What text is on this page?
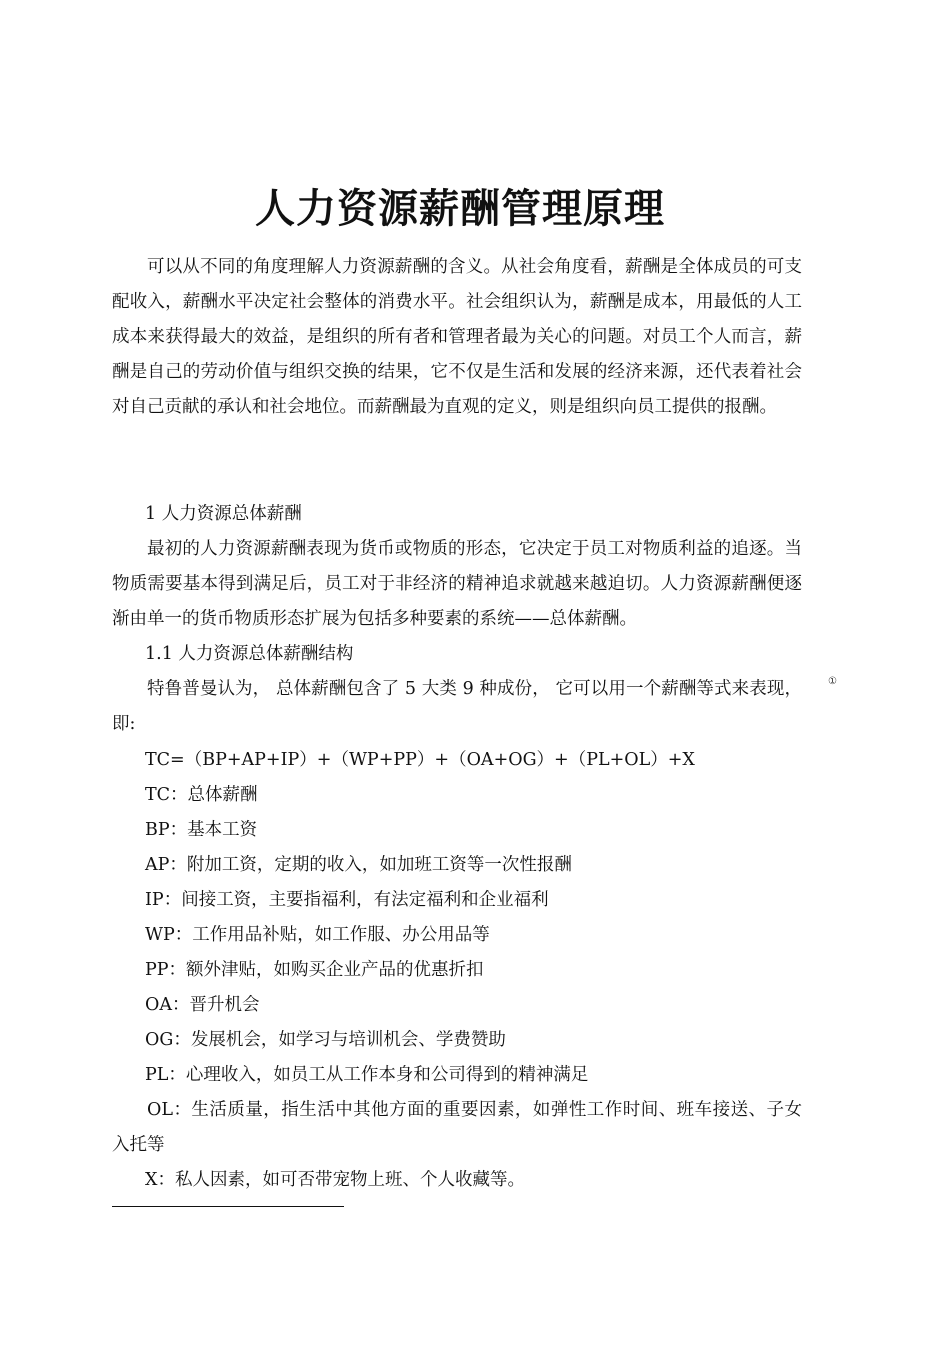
人力资源薪酬管理原理

可以从不同的角度理解人力资源薪酬的含义。从社会角度看，薪酬是全体成员的可支配收入，薪酬水平决定社会整体的消费水平。社会组织认为，薪酬是成本，用最低的人工成本来获得最大的效益，是组织的所有者和管理者最为关心的问题。对员工个人而言，薪酬是自己的劳动价值与组织交换的结果，它不仅是生活和发展的经济来源，还代表着社会对自己贡献的承认和社会地位。而薪酬最为直观的定义，则是组织向员工提供的报酬。

1 人力资源总体薪酬

最初的人力资源薪酬表现为货币或物质的形态，它决定于员工对物质利益的追逐。当物质需要基本得到满足后，员工对于非经济的精神追求就越来越迫切。人力资源薪酬便逐渐由单一的货币物质形态扩展为包括多种要素的系统——总体薪酬。

1.1 人力资源总体薪酬结构

特鲁普曼认为， 总体薪酬包含了 5 大类 9 种成份， 它可以用一个薪酬等式来表现，即:

①

TC=（BP+AP+IP）+（WP+PP）+（OA+OG）+（PL+OL）+X

TC：总体薪酬

BP：基本工资

AP：附加工资，定期的收入，如加班工资等一次性报酬

IP：间接工资，主要指福利，有法定福利和企业福利

WP：工作用品补贴，如工作服、办公用品等

PP：额外津贴，如购买企业产品的优惠折扣

OA：晋升机会

OG：发展机会，如学习与培训机会、学费赞助

PL：心理收入，如员工从工作本身和公司得到的精神满足

OL：生活质量，指生活中其他方面的重要因素，如弹性工作时间、班车接送、子女入托等

X：私人因素，如可否带宠物上班、个人收藏等。
